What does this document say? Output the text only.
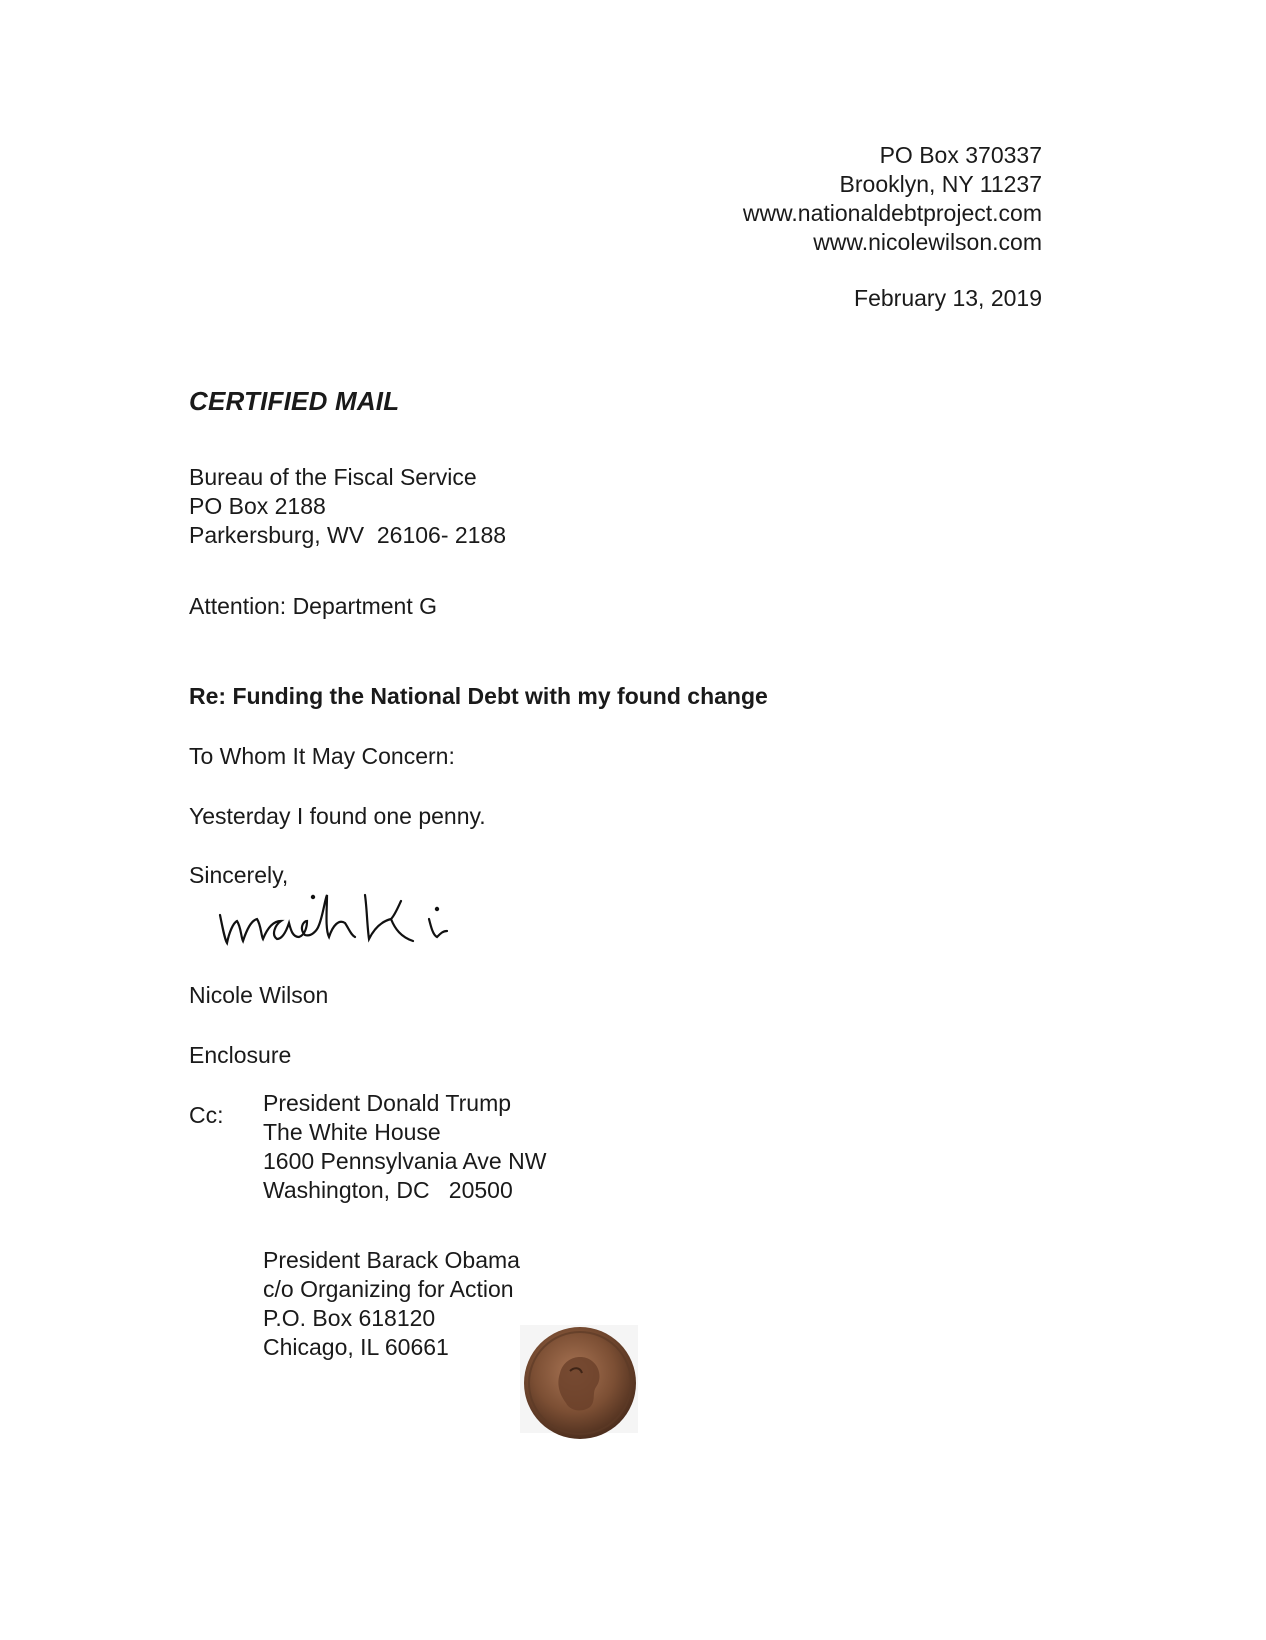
PO Box 370337
Brooklyn, NY 11237
www.nationaldebtproject.com
www.nicolewilson.com
February 13, 2019
CERTIFIED MAIL
Bureau of the Fiscal Service
PO Box 2188
Parkersburg, WV  26106- 2188
Attention: Department G
Re: Funding the National Debt with my found change
To Whom It May Concern:
Yesterday I found one penny.
Sincerely,
Nicole Wilson
Enclosure
Cc: President Donald Trump
The White House
1600 Pennsylvania Ave NW
Washington, DC   20500
President Barack Obama
c/o Organizing for Action
P.O. Box 618120
Chicago, IL 60661
